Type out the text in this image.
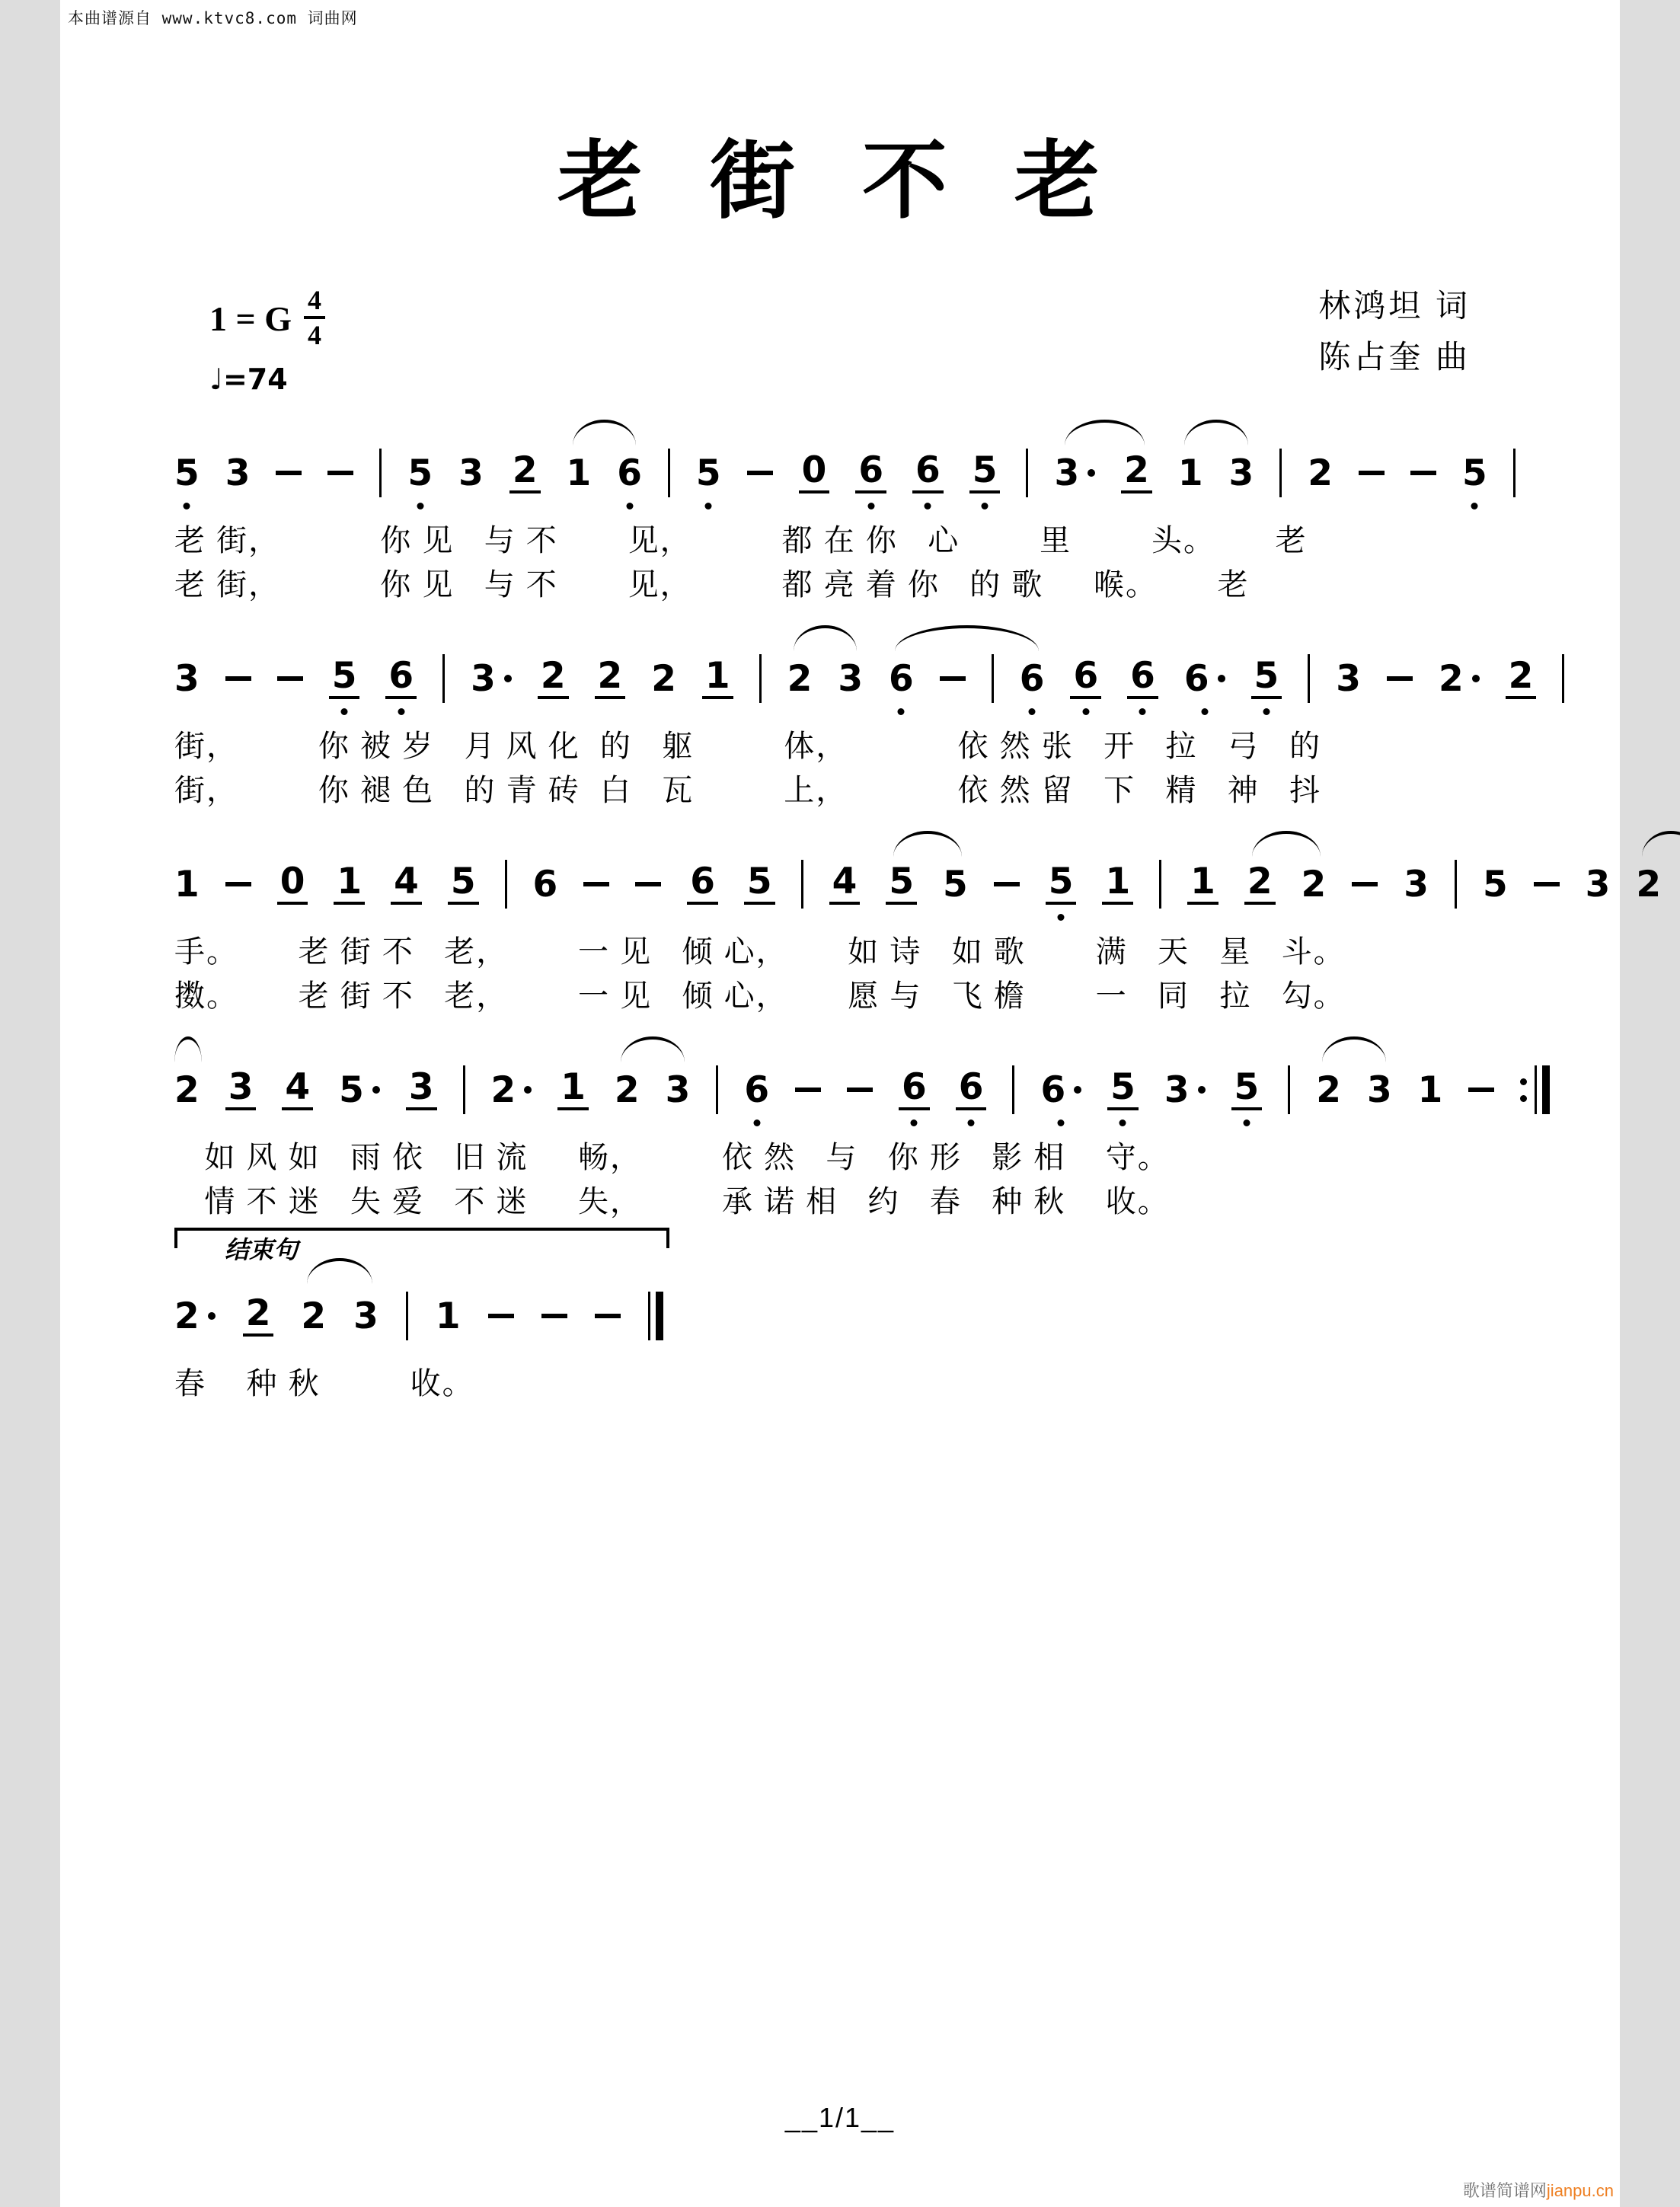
本曲谱源自 www.ktvc8.com 词曲网
老 街 不 老
1 = G $\frac{4}{4}$
♩=74
林鸿坦 词
陈占奎 曲
5 3	5 3 2 1 6 5 0 6 6 5 3 2 1 3 2	5
老 街，          你 见   与 不       见，         都 在 你   心        里        头。      老
老 街，          你 见   与 不       见，         都 亮 着 你   的 歌     喉。      老
3	5 6 3 2 2 2 1 2 3 6	6 6 6 6 5 3 2 2
街，        你 被 岁   月 风 化  的   躯         体，           依 然 张   开   拉   弓   的
街，        你 褪 色   的 青 砖  白   瓦         上，           依 然 留   下   精   神   抖
1 0 1 4 5 6	6 5 4 5 5 5 1 1 2 2 3 5 3 2
手。      老 街 不   老，       一 见   倾 心，      如 诗   如 歌       满   天   星   斗。
擞。      老 街 不   老，       一 见   倾 心，      愿 与   飞 檐       一   同   拉   勾。
2 3 4 5 3 2 1 2 3 6	6 6 6 5 3 5 2 3 1
如 风 如   雨 依   旧 流     畅，        依 然   与   你 形   影 相    守。
情 不 迷   失 爱   不 迷     失，        承 诺 相   约   春   种 秋    收。
结束句
2 2 2 3 1
春    种 秋         收。
__1/1__
歌谱简谱网jianpu.cn
